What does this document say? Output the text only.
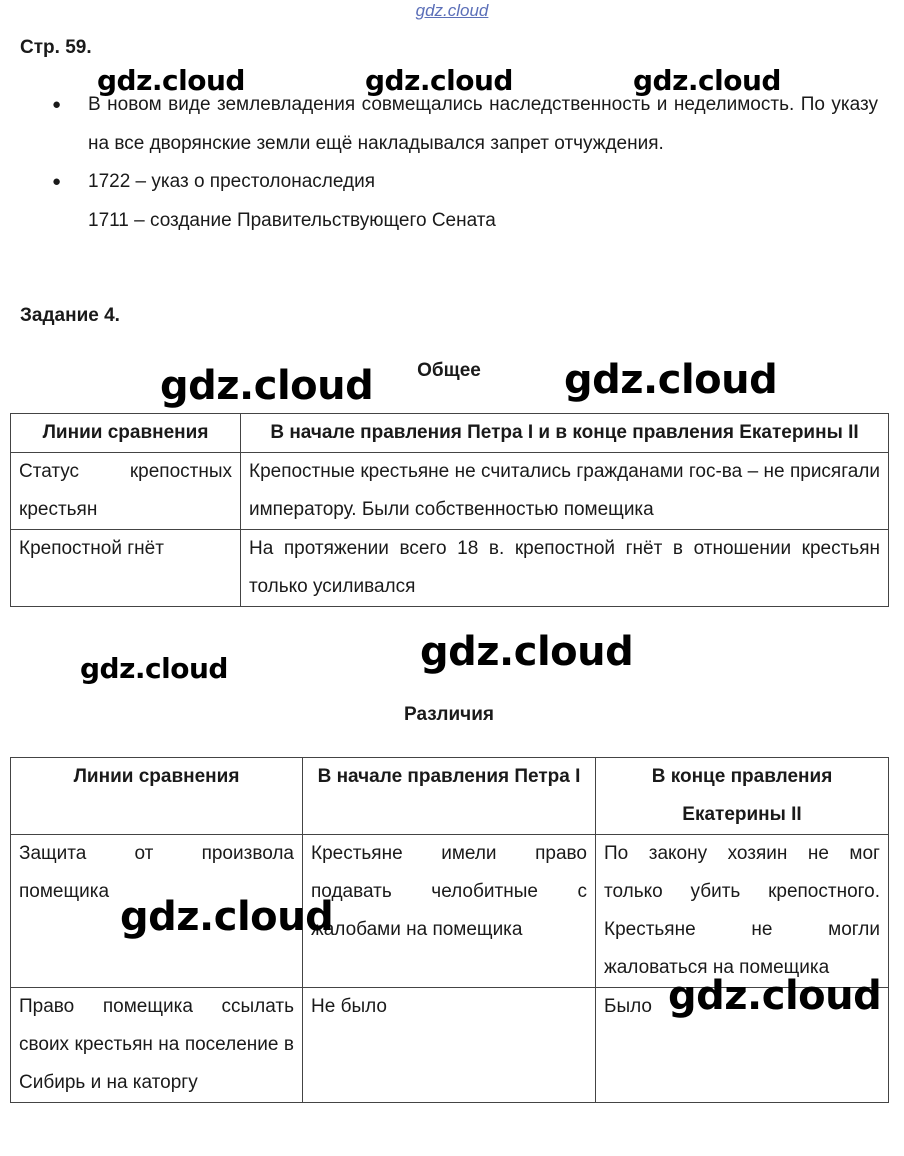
gdz.cloud
Стр. 59.
● В новом виде землевладения совмещались наследственность и неделимость. По указу на все дворянские земли ещё накладывался запрет отчуждения.
● 1722 – указ о престолонаследия
1711 – создание Правительствующего Сената
Задание 4.
Общее
Линии сравнения	В начале правления Петра I и в конце правления Екатерины II
Статус крепостных крестьян	Крепостные крестьяне не считались гражданами гос-ва – не присягали императору. Были собственностью помещика
Крепостной гнёт	На протяжении всего 18 в. крепостной гнёт в отношении крестьян только усиливался
Различия
Линии сравнения	В начале правления Петра I	В конце правления Екатерины II
Защита от произвола помещика	Крестьяне имели право подавать челобитные с жалобами на помещика	По закону хозяин не мог только убить крепостного. Крестьяне не могли жаловаться на помещика
Право помещика ссылать своих крестьян на поселение в Сибирь и на каторгу	Не было	Было
gdz.cloud	gdz.cloud	gdz.cloud
gdz.cloud	gdz.cloud
gdz.cloud	gdz.cloud
gdz.cloud
gdz.cloud
